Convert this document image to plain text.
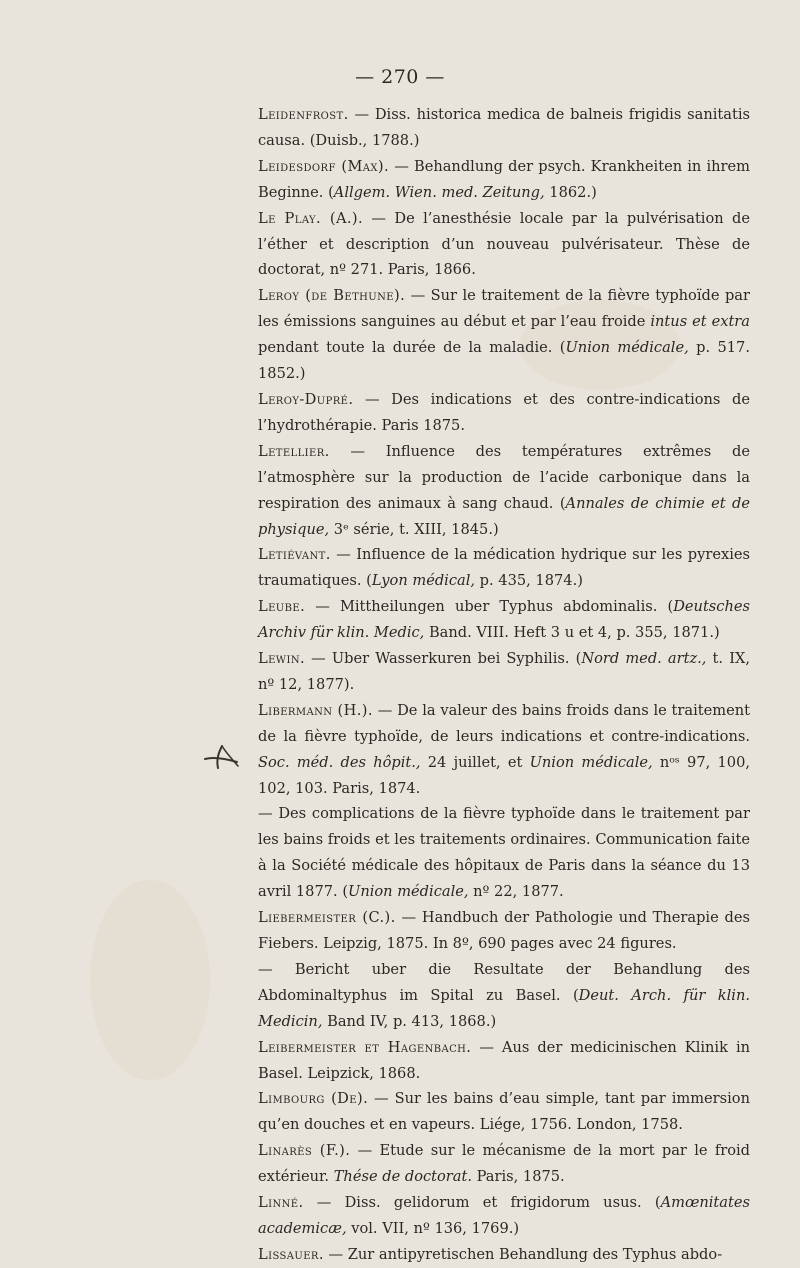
— 270 —

Leidenfrost. — Diss. historica medica de balneis frigidis sanitatis causa. (Duisb., 1788.)

Leidesdorf (Max). — Behandlung der psych. Krankheiten in ihrem Beginne. (Allgem. Wien. med. Zeitung, 1862.)

Le Play. (A.). — De l’anesthésie locale par la pulvérisation de l’éther et description d’un nouveau pulvérisateur. Thèse de doctorat, nº 271. Paris, 1866.

Leroy (de Bethune). — Sur le traitement de la fièvre typhoïde par les émissions sanguines au début et par l’eau froide intus et extra pendant toute la durée de la maladie. (Union médicale, p. 517. 1852.)

Leroy-Dupré. — Des indications et des contre-indications de l’hydrothérapie. Paris 1875.

Letellier. — Influence des températures extrêmes de l’atmosphère sur la production de l’acide carbonique dans la respiration des animaux à sang chaud. (Annales de chimie et de physique, 3ᵉ série, t. XIII, 1845.)

Letiévant. — Influence de la médication hydrique sur les pyrexies traumatiques. (Lyon médical, p. 435, 1874.)

Leube. — Mittheilungen uber Typhus abdominalis. (Deutsches Archiv für klin. Medic, Band. VIII. Heft 3 u et 4, p. 355, 1871.)

Lewin. — Uber Wasserkuren bei Syphilis. (Nord med. artz., t. IX, nº 12, 1877).

Libermann (H.). — De la valeur des bains froids dans le traitement de la fièvre typhoïde, de leurs indications et contre-indications. Soc. méd. des hôpit., 24 juillet, et Union médicale, nᵒˢ 97, 100, 102, 103. Paris, 1874.

— Des complications de la fièvre typhoïde dans le traitement par les bains froids et les traitements ordinaires. Communication faite à la Société médicale des hôpitaux de Paris dans la séance du 13 avril 1877. (Union médicale, nº 22, 1877.

Liebermeister (C.). — Handbuch der Pathologie und Therapie des Fiebers. Leipzig, 1875. In 8º, 690 pages avec 24 figures.

— Bericht uber die Resultate der Behandlung des Abdominaltyphus im Spital zu Basel. (Deut. Arch. für klin. Medicin, Band IV, p. 413, 1868.)

Leibermeister et Hagenbach. — Aus der medicinischen Klinik in Basel. Leipzick, 1868.

Limbourg (De). — Sur les bains d’eau simple, tant par immersion qu’en douches et en vapeurs. Liége, 1756. London, 1758.

Linarès (F.). — Etude sur le mécanisme de la mort par le froid extérieur. Thése de doctorat. Paris, 1875.

Linné. — Diss. gelidorum et frigidorum usus. (Amœnitates academicæ, vol. VII, nº 136, 1769.)

Lissauer. — Zur antipyretischen Behandlung des Typhus abdo-
